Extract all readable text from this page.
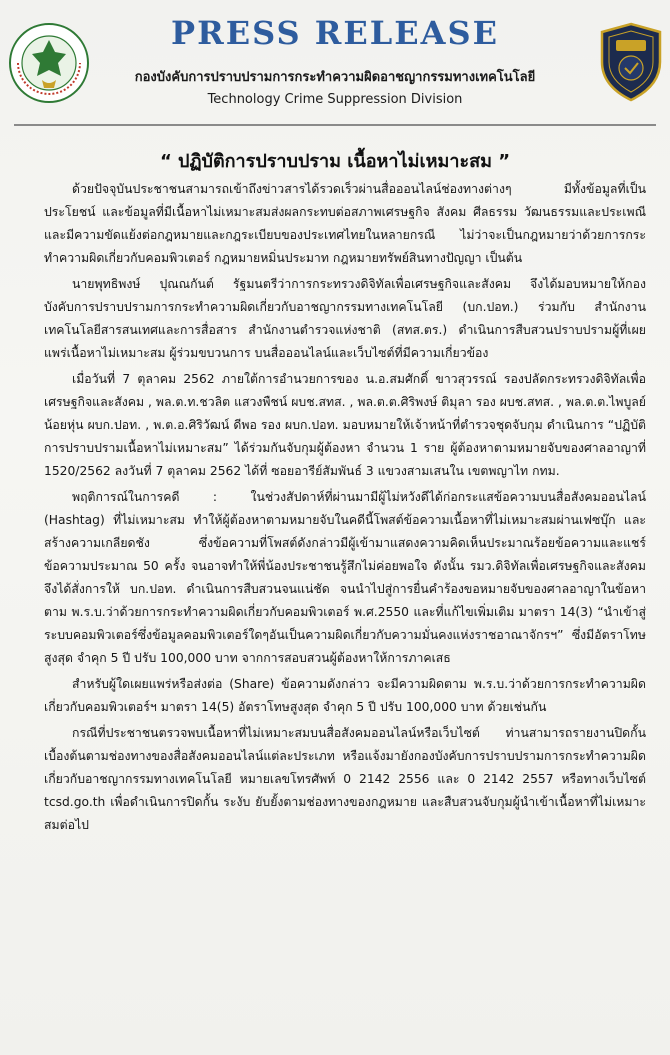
PRESS RELEASE
กองบังคับการปราบปรามการกระทำความผิดอาชญากรรมทางเทคโนโลยี
Technology Crime Suppression Division
“ ปฏิบัติการปราบปราม เนื้อหาไม่เหมาะสม ”

ด้วยปัจจุบันประชาชนสามารถเข้าถึงข่าวสารได้รวดเร็วผ่านสื่อออนไลน์ช่องทางต่างๆ มีทั้งข้อมูลที่เป็นประโยชน์ และข้อมูลที่มีเนื้อหาไม่เหมาะสมส่งผลกระทบต่อสภาพเศรษฐกิจ สังคม ศีลธรรม วัฒนธรรมและประเพณี และมีความขัดแย้งต่อกฎหมายและกฎระเบียบของประเทศไทยในหลายกรณี ไม่ว่าจะเป็นกฎหมายว่าด้วยการกระทำความผิดเกี่ยวกับคอมพิวเตอร์ กฎหมายหมิ่นประมาท กฎหมายทรัพย์สินทางปัญญา เป็นต้น

นายพุทธิพงษ์ ปุณณกันต์ รัฐมนตรีว่าการกระทรวงดิจิทัลเพื่อเศรษฐกิจและสังคม จึงได้มอบหมายให้กองบังคับการปราบปรามการกระทำความผิดเกี่ยวกับอาชญากรรมทางเทคโนโลยี (บก.ปอท.) ร่วมกับ สำนักงานเทคโนโลยีสารสนเทศและการสื่อสาร สำนักงานตำรวจแห่งชาติ (สทส.ตร.) ดำเนินการสืบสวนปราบปรามผู้ที่เผยแพร่เนื้อหาไม่เหมาะสม ผู้ร่วมขบวนการ บนสื่อออนไลน์และเว็บไซต์ที่มีความเกี่ยวข้อง

เมื่อวันที่ 7 ตุลาคม 2562 ภายใต้การอำนวยการของ น.อ.สมศักดิ์ ขาวสุวรรณ์ รองปลัดกระทรวงดิจิทัลเพื่อเศรษฐกิจและสังคม , พล.ต.ท.ชวลิต แสวงพืชน์ ผบช.สทส. , พล.ต.ต.ศิริพงษ์ ติมุลา รอง ผบช.สทส. , พล.ต.ต.ไพบูลย์ น้อยหุ่น ผบก.ปอท. , พ.ต.อ.ศิริวัฒน์ ดีพอ รอง ผบก.ปอท. มอบหมายให้เจ้าหน้าที่ตำรวจชุดจับกุม ดำเนินการ “ปฏิบัติการปราบปรามเนื้อหาไม่เหมาะสม” ได้ร่วมกันจับกุมผู้ต้องหา จำนวน 1 ราย ผู้ต้องหาตามหมายจับของศาลอาญาที่ 1520/2562 ลงวันที่ 7 ตุลาคม 2562 ได้ที่ ซอยอารีย์สัมพันธ์ 3 แขวงสามเสนใน เขตพญาไท กทม.

พฤติการณ์ในการคดี : ในช่วงสัปดาห์ที่ผ่านมามีผู้ไม่หวังดีได้ก่อกระแสข้อความบนสื่อสังคมออนไลน์ (Hashtag) ที่ไม่เหมาะสม ทำให้ผู้ต้องหาตามหมายจับในคดีนี้โพสต์ข้อความเนื้อหาที่ไม่เหมาะสมผ่านเฟซบุ๊ก และสร้างความเกลียดชัง ซึ่งข้อความที่โพสต์ดังกล่าวมีผู้เข้ามาแสดงความคิดเห็นประมาณร้อยข้อความและแชร์ข้อความประมาณ 50 ครั้ง จนอาจทำให้พี่น้องประชาชนรู้สึกไม่ค่อยพอใจ ดังนั้น รมว.ดิจิทัลเพื่อเศรษฐกิจและสังคม จึงได้สั่งการให้ บก.ปอท. ดำเนินการสืบสวนจนแน่ชัด จนนำไปสู่การยื่นคำร้องขอหมายจับของศาลอาญาในข้อหาตาม พ.ร.บ.ว่าด้วยการกระทำความผิดเกี่ยวกับคอมพิวเตอร์ พ.ศ.2550 และที่แก้ไขเพิ่มเติม มาตรา 14(3) “นำเข้าสู่ระบบคอมพิวเตอร์ซึ่งข้อมูลคอมพิวเตอร์ใดๆอันเป็นความผิดเกี่ยวกับความมั่นคงแห่งราชอาณาจักรฯ” ซึ่งมีอัตราโทษสูงสุด จำคุก 5 ปี ปรับ 100,000 บาท จากการสอบสวนผู้ต้องหาให้การภาคเสธ

สำหรับผู้ใดเผยแพร่หรือส่งต่อ (Share) ข้อความดังกล่าว จะมีความผิดตาม พ.ร.บ.ว่าด้วยการกระทำความผิดเกี่ยวกับคอมพิวเตอร์ฯ มาตรา 14(5) อัตราโทษสูงสุด จำคุก 5 ปี ปรับ 100,000 บาท ด้วยเช่นกัน

กรณีที่ประชาชนตรวจพบเนื้อหาที่ไม่เหมาะสมบนสื่อสังคมออนไลน์หรือเว็บไซต์ ท่านสามารถรายงานปิดกั้นเบื้องต้นตามช่องทางของสื่อสังคมออนไลน์แต่ละประเภท หรือแจ้งมายังกองบังคับการปราบปรามการกระทำความผิดเกี่ยวกับอาชญากรรมทางเทคโนโลยี หมายเลขโทรศัพท์ 0 2142 2556 และ 0 2142 2557 หรือทางเว็บไซต์ tcsd.go.th เพื่อดำเนินการปิดกั้น ระงับ ยับยั้งตามช่องทางของกฎหมาย และสืบสวนจับกุมผู้นำเข้าเนื้อหาที่ไม่เหมาะสมต่อไป
